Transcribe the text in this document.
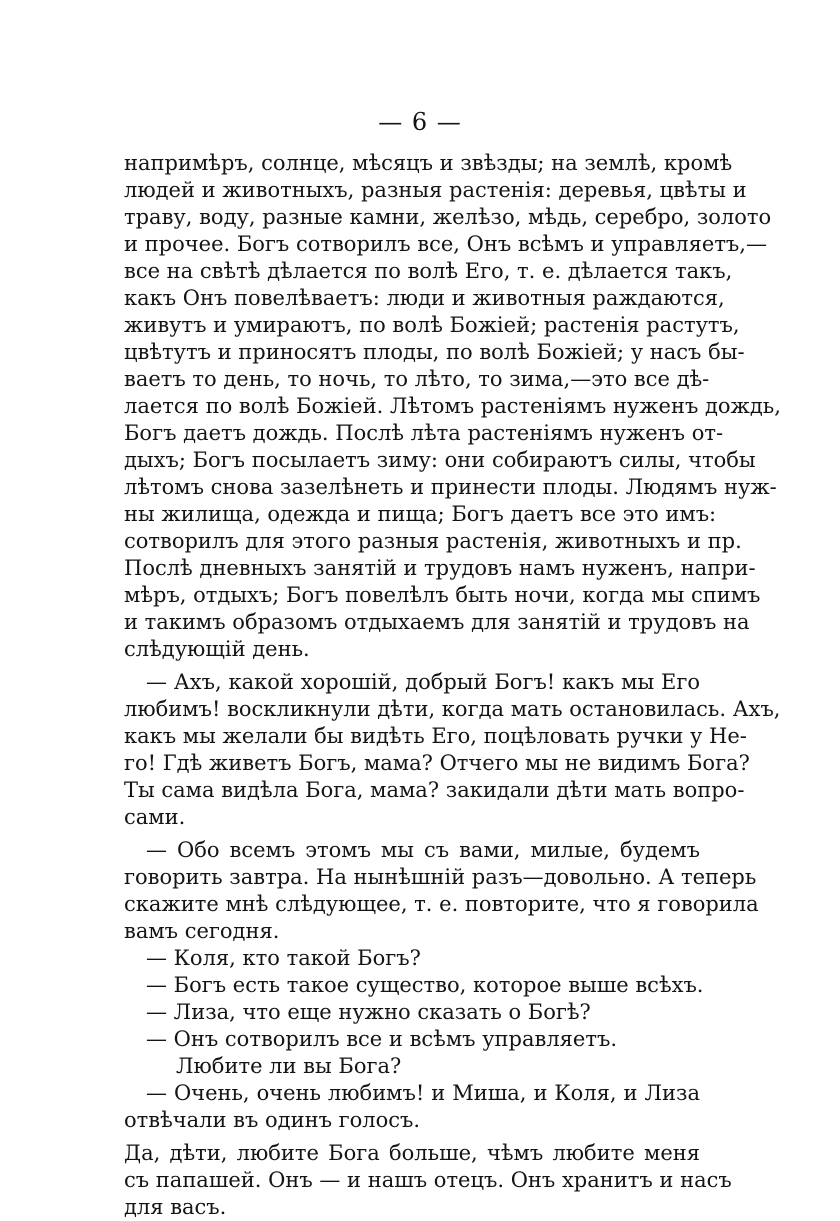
— 6 —
напримѣръ, солнце, мѣсяцъ и звѣзды; на землѣ, кромѣ
людей и животныхъ, разныя растенія: деревья, цвѣты и
траву, воду, разные камни, желѣзо, мѣдь, серебро, золото
и прочее. Богъ сотворилъ все, Онъ всѣмъ и управляетъ,—
все на свѣтѣ дѣлается по волѣ Его, т. е. дѣлается такъ,
какъ Онъ повелѣваетъ: люди и животныя раждаются,
живутъ и умираютъ, по волѣ Божіей; растенія растутъ,
цвѣтутъ и приносятъ плоды, по волѣ Божіей; у насъ бы-
ваетъ то день, то ночь, то лѣто, то зима,—это все дѣ-
лается по волѣ Божіей. Лѣтомъ растеніямъ нуженъ дождь,
Богъ даетъ дождь. Послѣ лѣта растеніямъ нуженъ от-
дыхъ; Богъ посылаетъ зиму: они собираютъ силы, чтобы
лѣтомъ снова зазелѣнеть и принести плоды. Людямъ нуж-
ны жилища, одежда и пища; Богъ даетъ все это имъ:
сотворилъ для этого разныя растенія, животныхъ и пр.
Послѣ дневныхъ занятій и трудовъ намъ нуженъ, напри-
мѣръ, отдыхъ; Богъ повелѣлъ быть ночи, когда мы спимъ
и такимъ образомъ отдыхаемъ для занятій и трудовъ на
слѣдующій день.
— Ахъ, какой хорошій, добрый Богъ! какъ мы Его
любимъ! воскликнули дѣти, когда мать остановилась. Ахъ,
какъ мы желали бы видѣть Его, поцѣловать ручки у Не-
го! Гдѣ живетъ Богъ, мама? Отчего мы не видимъ Бога?
Ты сама видѣла Бога, мама? закидали дѣти мать вопро-
сами.
— Обо всемъ этомъ мы съ вами, милые, будемъ
говорить завтра. На нынѣшній разъ—довольно. А теперь
скажите мнѣ слѣдующее, т. е. повторите, что я говорила
вамъ сегодня.
— Коля, кто такой Богъ?
— Богъ есть такое существо, которое выше всѣхъ.
— Лиза, что еще нужно сказать о Богѣ?
— Онъ сотворилъ все и всѣмъ управляетъ.
Любите ли вы Бога?
— Очень, очень любимъ! и Миша, и Коля, и Лиза
отвѣчали въ одинъ голосъ.
Да, дѣти, любите Бога больше, чѣмъ любите меня
съ папашей. Онъ — и нашъ отецъ. Онъ хранитъ и насъ
для васъ.
